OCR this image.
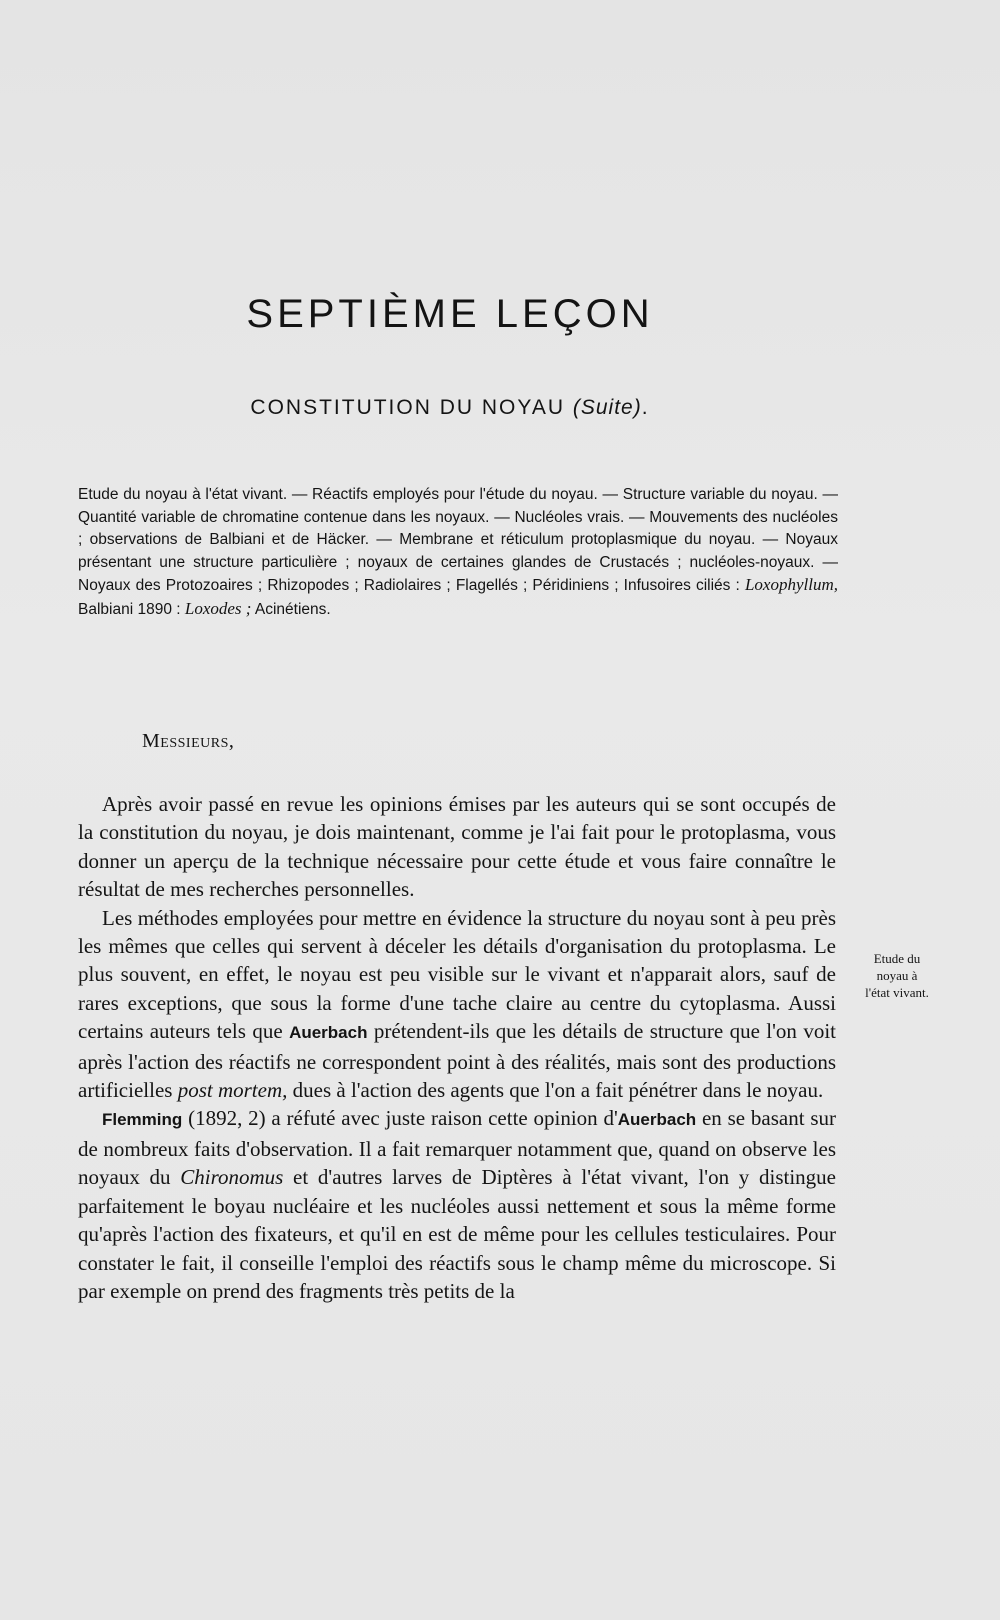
SEPTIÈME LEÇON
CONSTITUTION DU NOYAU (Suite).

Etude du noyau à l'état vivant. — Réactifs employés pour l'étude du noyau. — Structure variable du noyau. — Quantité variable de chromatine contenue dans les noyaux. — Nucléoles vrais. — Mouvements des nucléoles ; observations de Balbiani et de Häcker. — Membrane et réticulum protoplasmique du noyau. — Noyaux présentant une structure particulière ; noyaux de certaines glandes de Crustacés ; nucléoles-noyaux. — Noyaux des Protozoaires ; Rhizopodes ; Radiolaires ; Flagellés ; Péridiniens ; Infusoires ciliés : Loxophyllum, Balbiani 1890 : Loxodes ; Acinétiens.

Messieurs,

Après avoir passé en revue les opinions émises par les auteurs qui se sont occupés de la constitution du noyau, je dois maintenant, comme je l'ai fait pour le protoplasma, vous donner un aperçu de la technique nécessaire pour cette étude et vous faire connaître le résultat de mes recherches personnelles.

Les méthodes employées pour mettre en évidence la structure du noyau sont à peu près les mêmes que celles qui servent à déceler les détails d'organisation du protoplasma. Le plus souvent, en effet, le noyau est peu visible sur le vivant et n'apparait alors, sauf de rares exceptions, que sous la forme d'une tache claire au centre du cytoplasma. Aussi certains auteurs tels que Auerbach prétendent-ils que les détails de structure que l'on voit après l'action des réactifs ne correspondent point à des réalités, mais sont des productions artificielles post mortem, dues à l'action des agents que l'on a fait pénétrer dans le noyau.

Flemming (1892, 2) a réfuté avec juste raison cette opinion d'Auerbach en se basant sur de nombreux faits d'observation. Il a fait remarquer notamment que, quand on observe les noyaux du Chironomus et d'autres larves de Diptères à l'état vivant, l'on y distingue parfaitement le boyau nucléaire et les nucléoles aussi nettement et sous la même forme qu'après l'action des fixateurs, et qu'il en est de même pour les cellules testiculaires. Pour constater le fait, il conseille l'emploi des réactifs sous le champ même du microscope. Si par exemple on prend des fragments très petits de la

Etude du
noyau à
l'état vivant.
